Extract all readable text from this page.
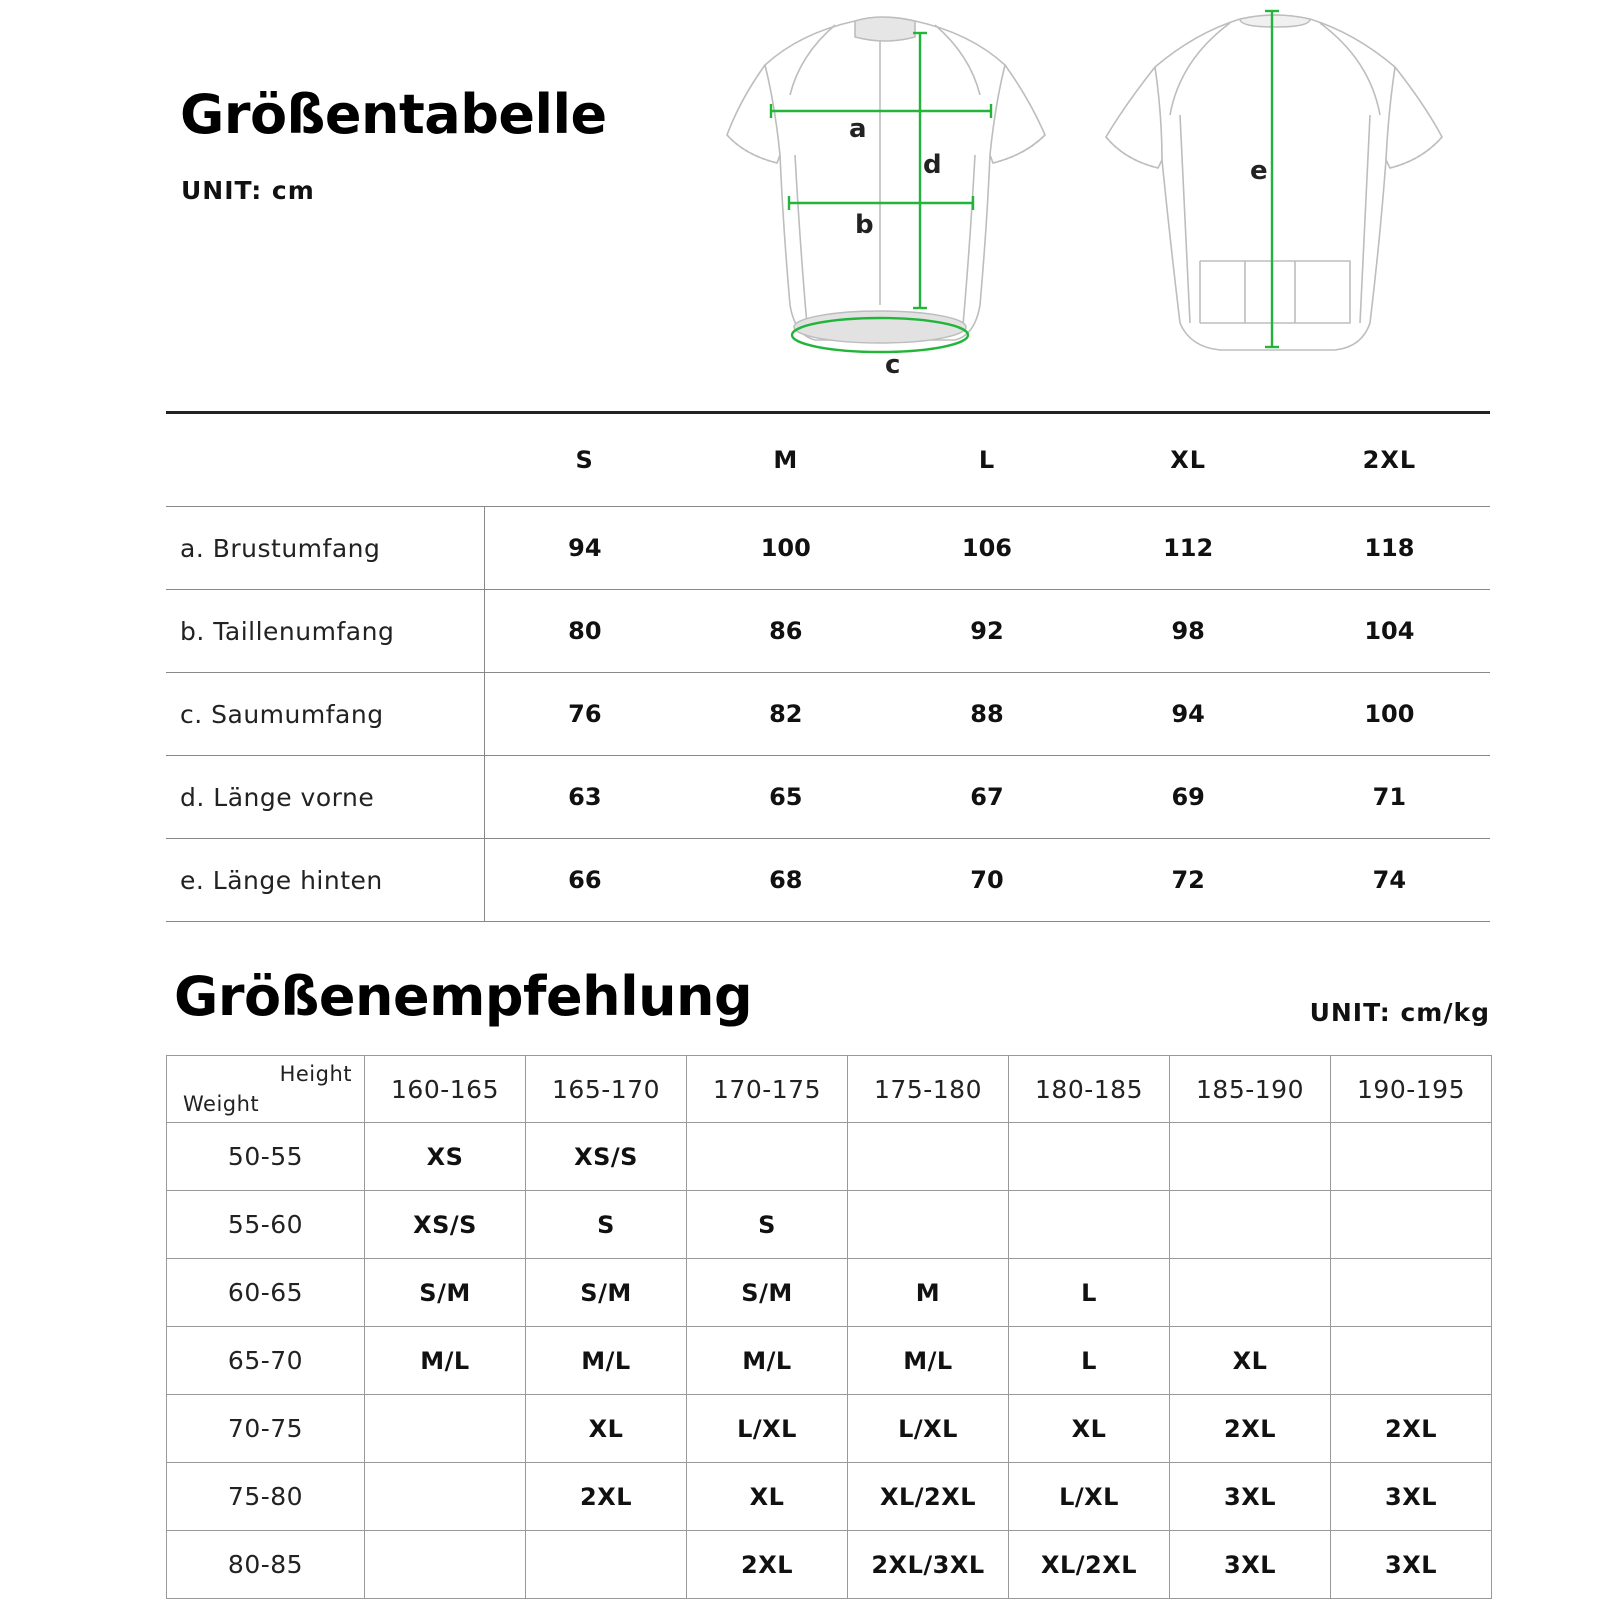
Größentabelle
UNIT: cm
a
d
b
c
e
	S	M	L	XL	2XL
a. Brustumfang	94	100	106	112	118
b. Taillenumfang	80	86	92	98	104
c. Saumumfang	76	82	88	94	100
d. Länge vorne	63	65	67	69	71
e. Länge hinten	66	68	70	72	74
Größenempfehlung	UNIT: cm/kg
Height
Weight	160-165	165-170	170-175	175-180	180-185	185-190	190-195
50-55	XS	XS/S					
55-60	XS/S	S	S				
60-65	S/M	S/M	S/M	M	L		
65-70	M/L	M/L	M/L	M/L	L	XL	
70-75		XL	L/XL	L/XL	XL	2XL	2XL
75-80		2XL	XL	XL/2XL	L/XL	3XL	3XL
80-85			2XL	2XL/3XL	XL/2XL	3XL	3XL
